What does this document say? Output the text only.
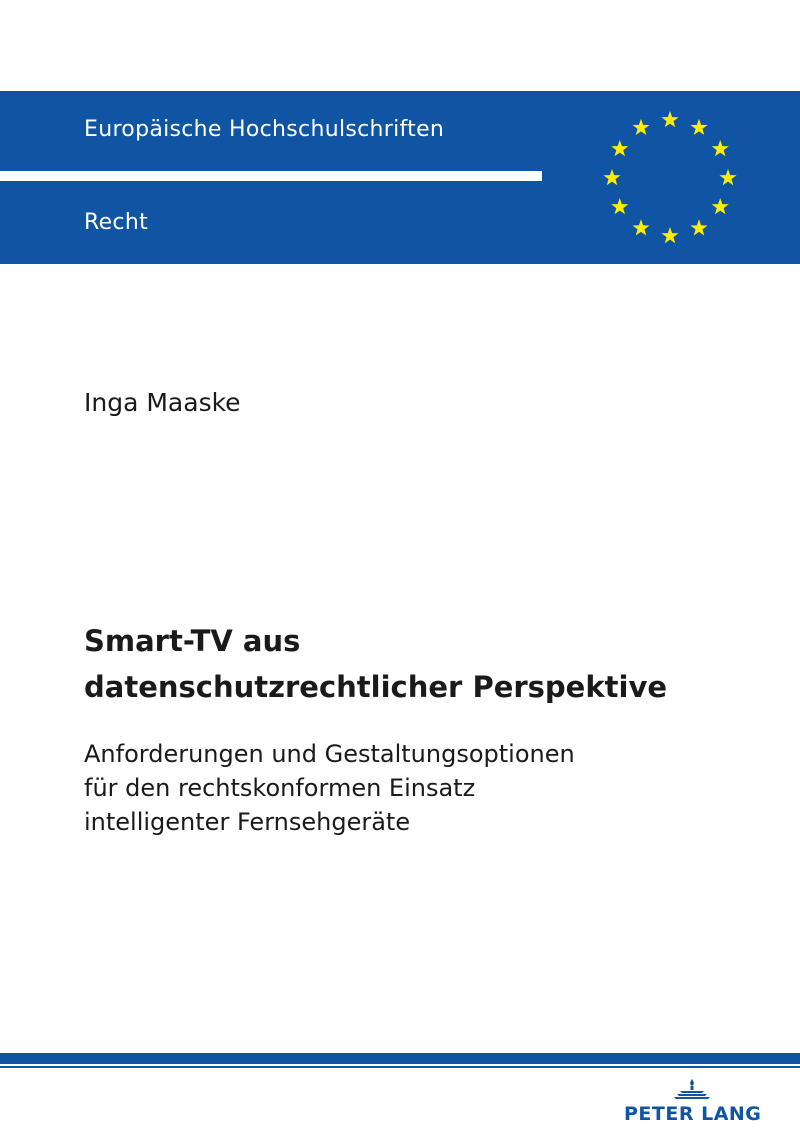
Europäische Hochschulschriften
Recht
Inga Maaske
Smart-TV aus
datenschutzrechtlicher Perspektive
Anforderungen und Gestaltungsoptionen
für den rechtskonformen Einsatz
intelligenter Fernsehgeräte
PETER LANG
